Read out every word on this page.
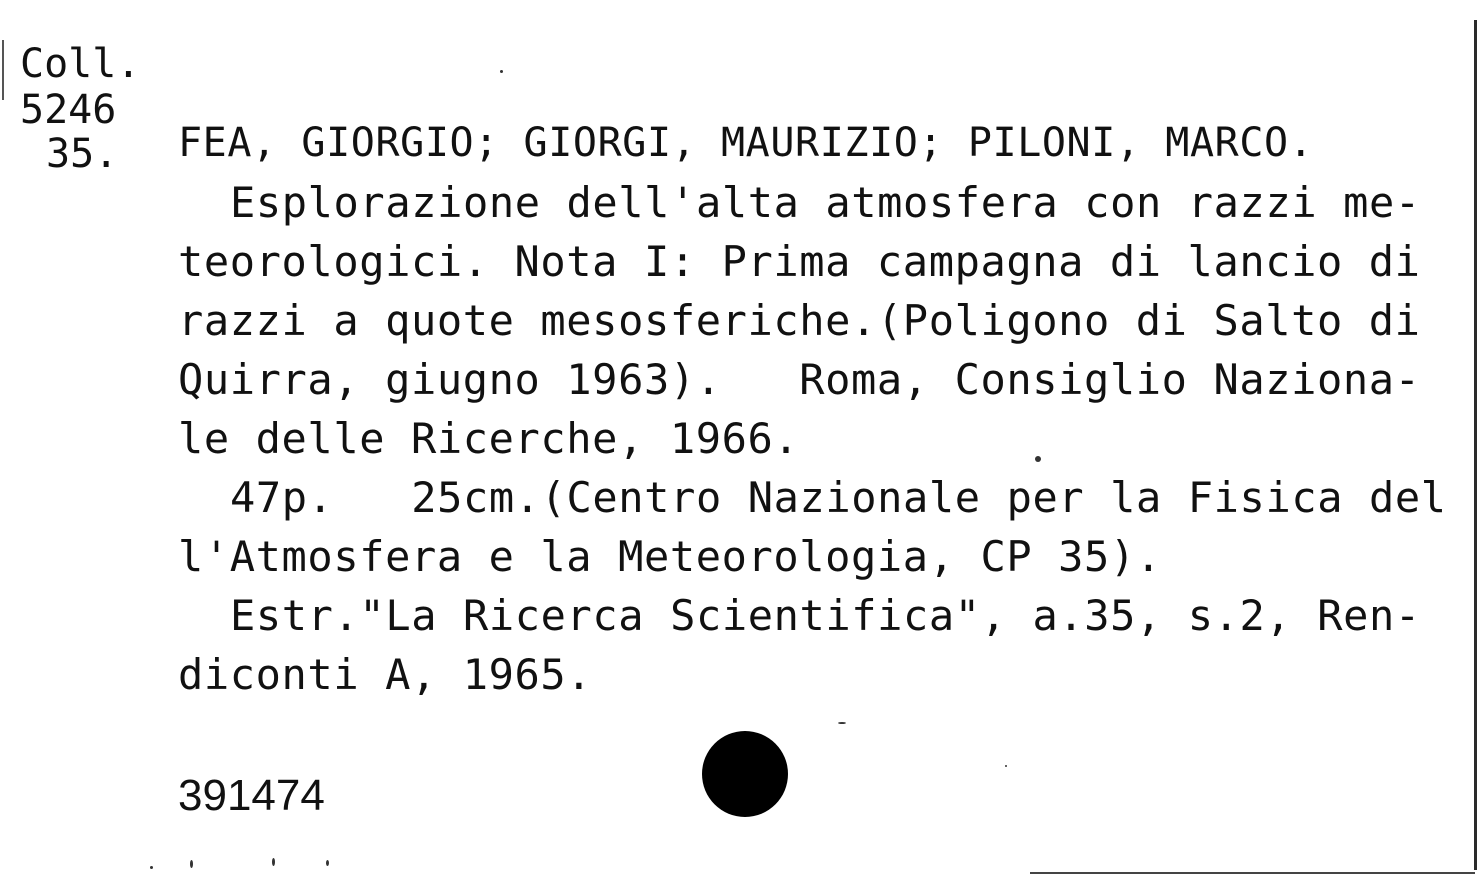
Coll.
5246
35. FEA, GIORGIO; GIORGI, MAURIZIO; PILONI, MARCO.
Esplorazione dell'alta atmosfera con razzi me-
teorologici. Nota I: Prima campagna di lancio di
razzi a quote mesosferiche.(Poligono di Salto di
Quirra, giugno 1963).   Roma, Consiglio Naziona-
le delle Ricerche, 1966.
47p.   25cm.(Centro Nazionale per la Fisica del
l'Atmosfera e la Meteorologia, CP 35).
Estr."La Ricerca Scientifica", a.35, s.2, Ren-
diconti A, 1965.
391474
